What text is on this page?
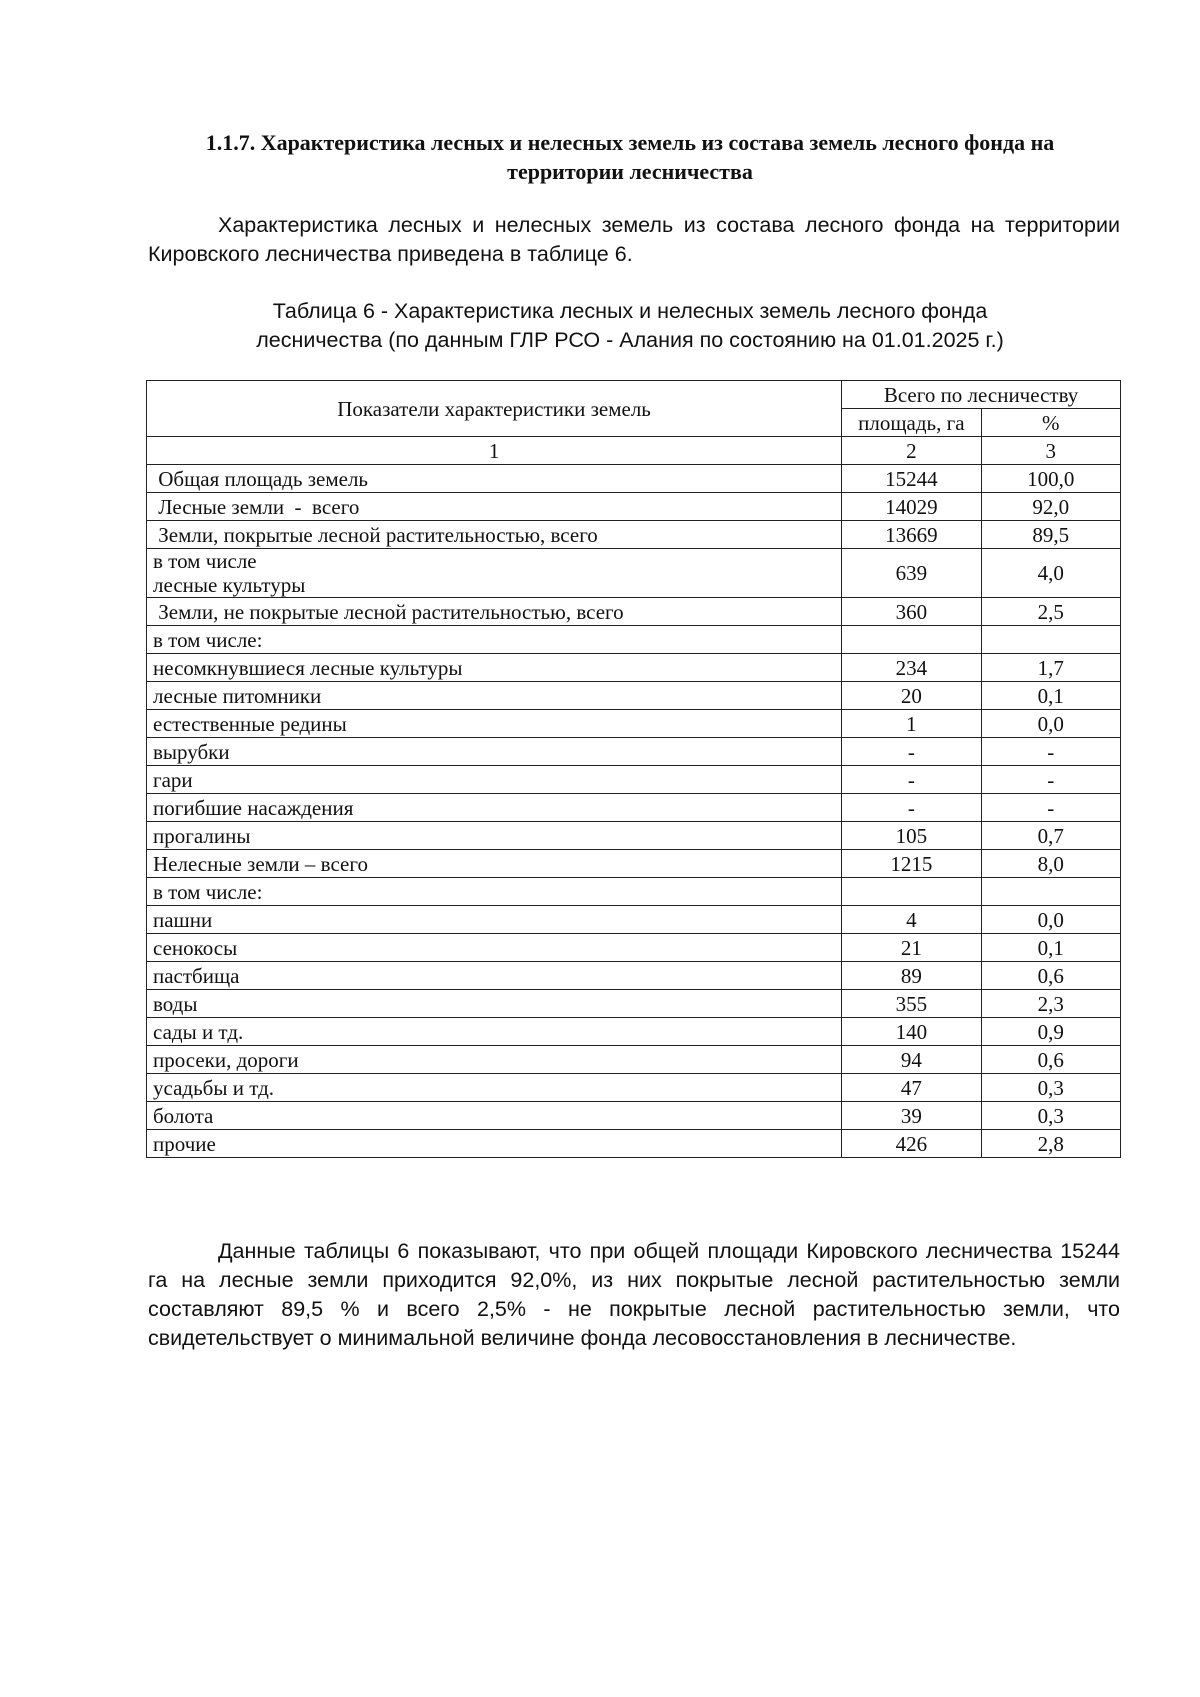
1.1.7. Характеристика лесных и нелесных земель из состава земель лесного фонда на
территории лесничества

Характеристика лесных и нелесных земель из состава лесного фонда на территории Кировского лесничества приведена в таблице 6.

Таблица 6 - Характеристика лесных и нелесных земель лесного фонда
лесничества (по данным ГЛР РСО - Алания по состоянию на 01.01.2025 г.)
Показатели характеристики земель	Всего по лесничеству	
	площадь, га	%
1	2	3

Общая площадь земель	15244	100,0

Лесные земли  -  всего	14029	92,0

Земли, покрытые лесной растительностью, всего	13669	89,5

в том числе
лесные культуры	639	4,0

Земли, не покрытые лесной растительностью, всего	360	2,5

в том числе:		

несомкнувшиеся лесные культуры	234	1,7

лесные питомники	20	0,1

естественные редины	1	0,0

вырубки	-	-

гари	-	-

погибшие насаждения	-	-

прогалины	105	0,7

Нелесные земли – всего	1215	8,0

в том числе:		

пашни	4	0,0

сенокосы	21	0,1

пастбища	89	0,6

воды	355	2,3

сады и тд.	140	0,9

просеки, дороги	94	0,6

усадьбы и тд.	47	0,3

болота	39	0,3

прочие	426	2,8

Данные таблицы 6 показывают, что при общей площади Кировского лесничества 15244 га на лесные земли приходится 92,0%, из них покрытые лесной растительностью земли составляют 89,5 % и всего 2,5% - не покрытые лесной растительностью земли, что свидетельствует о минимальной величине фонда лесовосстановления в лесничестве.
